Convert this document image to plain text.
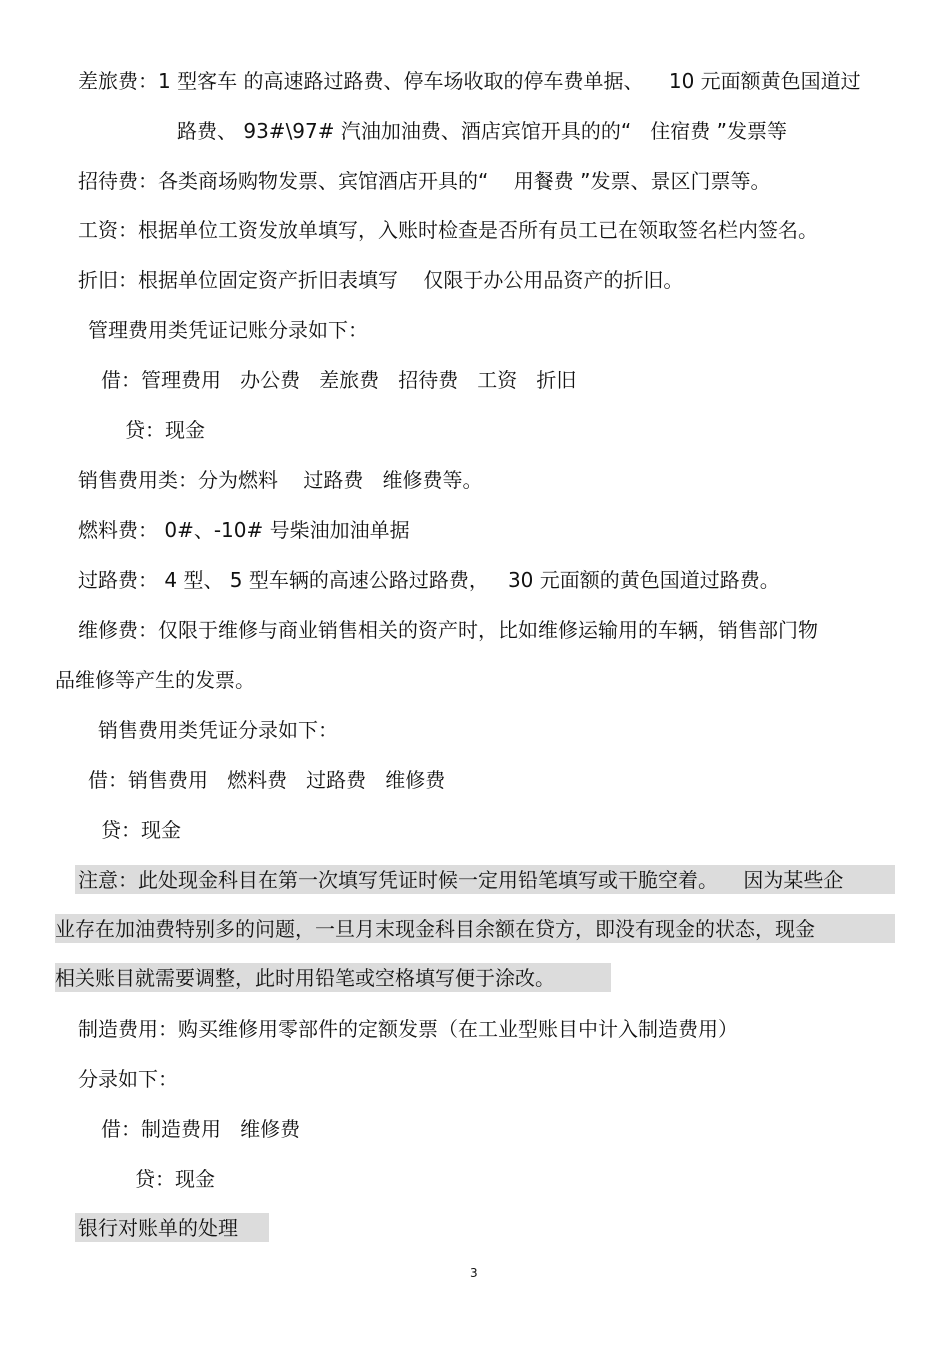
差旅费：1 型客车 的高速路过路费、停车场收取的停车费单据、    10 元面额黄色国道过
路费、 93#\97# 汽油加油费、酒店宾馆开具的的“   住宿费 ”发票等
招待费：各类商场购物发票、宾馆酒店开具的“    用餐费 ”发票、景区门票等。
工资：根据单位工资发放单填写，入账时检查是否所有员工已在领取签名栏内签名。
折旧：根据单位固定资产折旧表填写    仅限于办公用品资产的折旧。
管理费用类凭证记账分录如下：
借：管理费用   办公费   差旅费   招待费   工资   折旧
贷：现金
销售费用类：分为燃料    过路费   维修费等。
燃料费： 0#、-10# 号柴油加油单据
过路费： 4 型、 5 型车辆的高速公路过路费，   30 元面额的黄色国道过路费。
维修费：仅限于维修与商业销售相关的资产时，比如维修运输用的车辆，销售部门物
品维修等产生的发票。
销售费用类凭证分录如下：
借：销售费用   燃料费   过路费   维修费
贷：现金
注意：此处现金科目在第一次填写凭证时候一定用铅笔填写或干脆空着。    因为某些企
业存在加油费特别多的问题，一旦月末现金科目余额在贷方，即没有现金的状态，现金
相关账目就需要调整，此时用铅笔或空格填写便于涂改。
制造费用：购买维修用零部件的定额发票（在工业型账目中计入制造费用）
分录如下：
借：制造费用   维修费
贷：现金
银行对账单的处理
3
